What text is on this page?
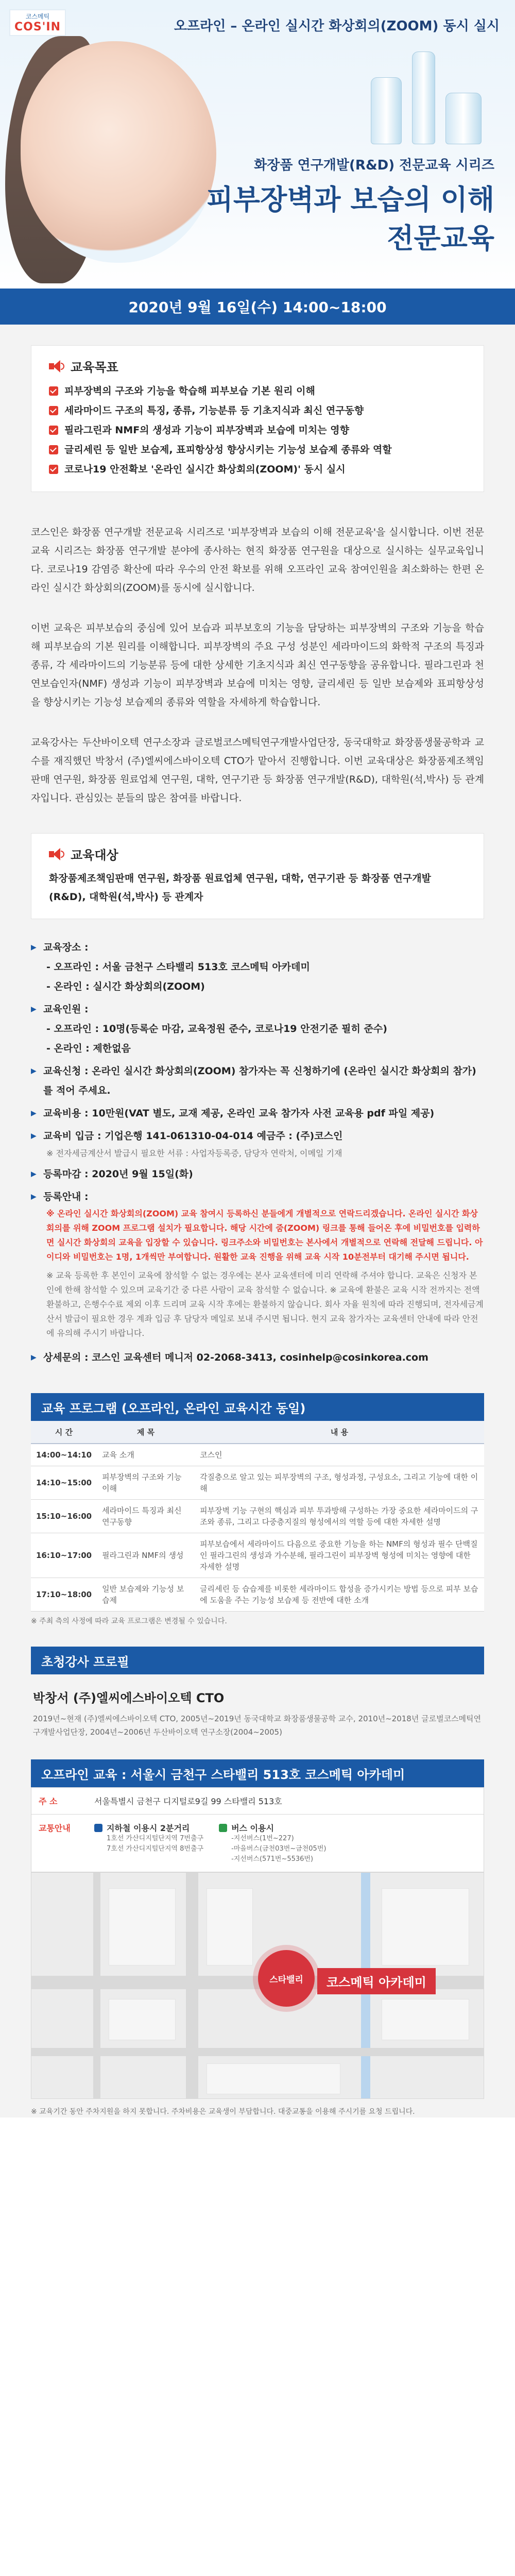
코스메틱
COS'IN	오프라인 – 온라인 실시간 화상회의(ZOOM) 동시 실시
화장품 연구개발(R&D) 전문교육 시리즈
피부장벽과 보습의 이해
전문교육
2020년 9월 16일(수) 14:00~18:00
교육목표
피부장벽의 구조와 기능을 학습해 피부보습 기본 원리 이해
세라마이드 구조의 특징, 종류, 기능분류 등 기초지식과 최신 연구동향
필라그린과 NMF의 생성과 기능이 피부장벽과 보습에 미치는 영향
글리세린 등 일반 보습제, 표피항상성 향상시키는 기능성 보습제 종류와 역할
코로나19 안전확보 '온라인 실시간 화상회의(ZOOM)' 동시 실시

코스인은 화장품 연구개발 전문교육 시리즈로 '피부장벽과 보습의 이해 전문교육'을 실시합니다. 이번 전문교육 시리즈는 화장품 연구개발 분야에 종사하는 현직 화장품 연구원을 대상으로 실시하는 실무교육입니다. 코로나19 감염증 확산에 따라 우수의 안전 확보를 위해 오프라인 교육 참여인원을 최소화하는 한편 온라인 실시간 화상회의(ZOOM)를 동시에 실시합니다.

이번 교육은 피부보습의 중심에 있어 보습과 피부보호의 기능을 담당하는 피부장벽의 구조와 기능을 학습해 피부보습의 기본 원리를 이해합니다. 피부장벽의 주요 구성 성분인 세라마이드의 화학적 구조의 특징과 종류, 각 세라마이드의 기능분류 등에 대한 상세한 기초지식과 최신 연구동향을 공유합니다. 필라그린과 천연보습인자(NMF) 생성과 기능이 피부장벽과 보습에 미치는 영향, 글리세린 등 일반 보습제와 표피항상성을 향상시키는 기능성 보습제의 종류와 역할을 자세하게 학습합니다.

교육강사는 두산바이오텍 연구소장과 글로벌코스메틱연구개발사업단장, 동국대학교 화장품생물공학과 교수를 재직했던 박창서 (주)엘씨에스바이오텍 CTO가 맡아서 진행합니다. 이번 교육대상은 화장품제조책임판매 연구원, 화장품 원료업체 연구원, 대학, 연구기관 등 화장품 연구개발(R&D), 대학원(석,박사) 등 관계자입니다. 관심있는 분들의 많은 참여를 바랍니다.

교육대상
화장품제조책임판매 연구원, 화장품 원료업체 연구원, 대학, 연구기관 등 화장품 연구개발(R&D), 대학원(석,박사) 등 관계자
▶ 교육장소 :
- 오프라인 : 서울 금천구 스타밸리 513호 코스메틱 아카데미
- 온라인 : 실시간 화상회의(ZOOM)
▶ 교육인원 :
- 오프라인 : 10명(등록순 마감, 교육정원 준수, 코로나19 안전기준 필히 준수)
- 온라인 : 제한없음
▶ 교육신청 : 온라인 실시간 화상회의(ZOOM) 참가자는 꼭 신청하기에 (온라인 실시간 화상회의 참가)를 적어 주세요.
▶ 교육비용 : 10만원(VAT 별도, 교재 제공, 온라인 교육 참가자 사전 교육용 pdf 파일 제공)
▶ 교육비 입금 : 기업은행 141-061310-04-014 예금주 : (주)코스인
※ 전자세금계산서 발급시 필요한 서류 : 사업자등록증, 담당자 연락처, 이메일 기재
▶ 등록마감 : 2020년 9월 15일(화)
▶ 등록안내 :
※ 온라인 실시간 화상회의(ZOOM) 교육 참여시 등록하신 분들에게 개별적으로 연락드리겠습니다. 온라인 실시간 화상회의를 위해 ZOOM 프로그램 설치가 필요합니다. 해당 시간에 줌(ZOOM) 링크를 통해 들어온 후에 비밀번호를 입력하면 실시간 화상회의 교육을 입장할 수 있습니다. 링크주소와 비밀번호는 본사에서 개별적으로 연락해 전달해 드립니다. 아이디와 비밀번호는 1명, 1개씩만 부여합니다. 원활한 교육 진행을 위해 교육 시작 10분전부터 대기해 주시면 됩니다.
※ 교육 등록한 후 본인이 교육에 참석할 수 없는 경우에는 본사 교육센터에 미리 연락해 주셔야 합니다. 교육은 신청자 본인에 한해 참석할 수 있으며 교육기간 중 다른 사람이 교육 참석할 수 없습니다. ※ 교육에 환불은 교육 시작 전까지는 전액환불하고, 은행수수료 제외 이후 드리며 교육 시작 후에는 환불하지 않습니다. 회사 자율 원칙에 따라 진행되며, 전자세금계산서 발급이 필요한 경우 계좌 입금 후 담당자 메일로 보내 주시면 됩니다. 현지 교육 참가자는 교육센터 안내에 따라 안전에 유의해 주시기 바랍니다.
▶ 상세문의 : 코스인 교육센터 메니저 02-2068-3413, cosinhelp@cosinkorea.com
교육 프로그램 (오프라인, 온라인 교육시간 동일)
시 간	제 목	내 용
14:00~14:10	교육 소개	코스인
14:10~15:00	피부장벽의 구조와 기능 이해	각질층으로 알고 있는 피부장벽의 구조, 형성과정, 구성요소, 그리고 기능에 대한 이해
15:10~16:00	세라마이드 특징과 최신 연구동향	피부장벽 기능 구현의 핵심과 피부 투과방해 구성하는 가장 중요한 세라마이드의 구조와 종류, 그리고 다중층지질의 형성에서의 역할 등에 대한 자세한 설명
16:10~17:00	필라그린과 NMF의 생성	피부보습에서 세라마이드 다음으로 중요한 기능을 하는 NMF의 형성과 필수 단백질인 필라그린의 생성과 가수분해, 필라그린이 피부장벽 형성에 미치는 영향에 대한 자세한 설명
17:10~18:00	일반 보습제와 기능성 보습제	글리세린 등 습습제를 비롯한 세라마이드 합성을 증가시키는 방법 등으로 피부 보습에 도움을 주는 기능성 보습제 등 전반에 대한 소개
※ 주최 측의 사정에 따라 교육 프로그램은 변경될 수 있습니다.
초청강사 프로필
박창서 (주)엘씨에스바이오텍 CTO
2019년~현재 (주)엘씨에스바이오텍 CTO, 2005년~2019년 동국대학교 화장품생물공학 교수, 2010년~2018년 글로벌코스메틱연구개발사업단장, 2004년~2006년 두산바이오텍 연구소장(2004~2005)
오프라인 교육 : 서울시 금천구 스타밸리 513호 코스메틱 아카데미
주 소	서울특별시 금천구 디지털로9길 99 스타밸리 513호
교통안내	지하철 이용시 2분거리
1호선 가산디지털단지역 7번출구
7호선 가산디지털단지역 8번출구
버스 이용시
-지선버스(1번~227)
-마을버스(금천03번~금천05번)
-지선버스(571번~5536번)
스타밸리	코스메틱 아카데미
※ 교육기간 동안 주차지원을 하지 못합니다. 주차비용은 교육생이 부담합니다. 대중교통을 이용해 주시기를 요청 드립니다.
